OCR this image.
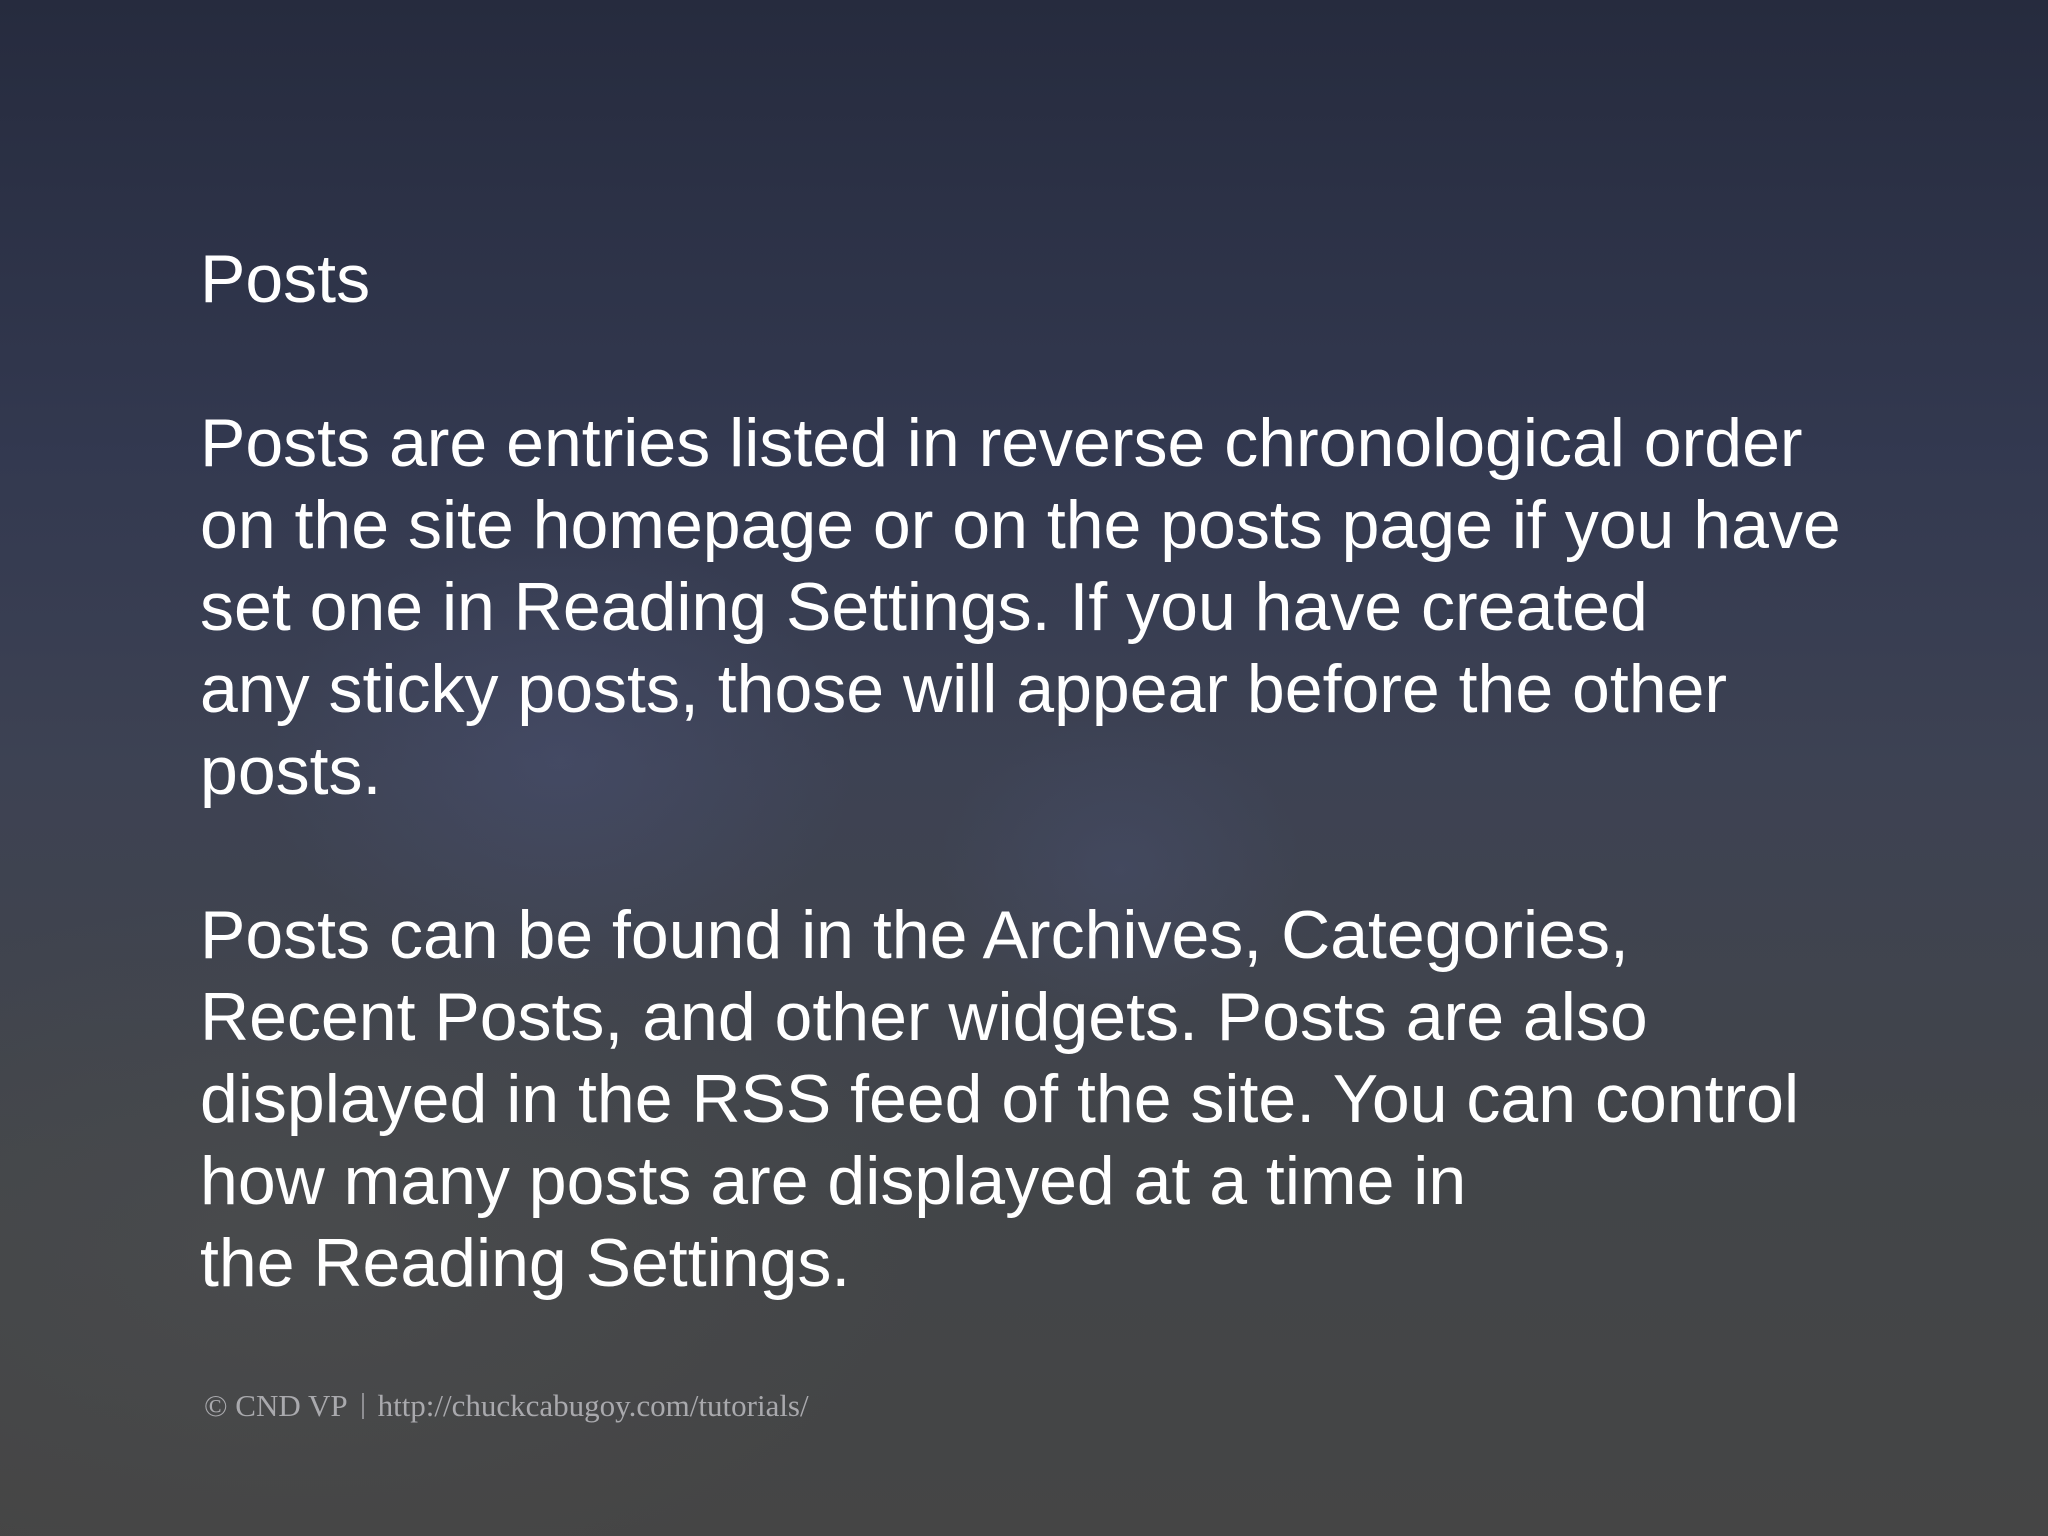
Posts

Posts are entries listed in reverse chronological order
on the site homepage or on the posts page if you have
set one in Reading Settings. If you have created
any sticky posts, those will appear before the other
posts.

Posts can be found in the Archives, Categories,
Recent Posts, and other widgets. Posts are also
displayed in the RSS feed of the site. You can control
how many posts are displayed at a time in
the Reading Settings.

© CND VP http://chuckcabugoy.com/tutorials/
